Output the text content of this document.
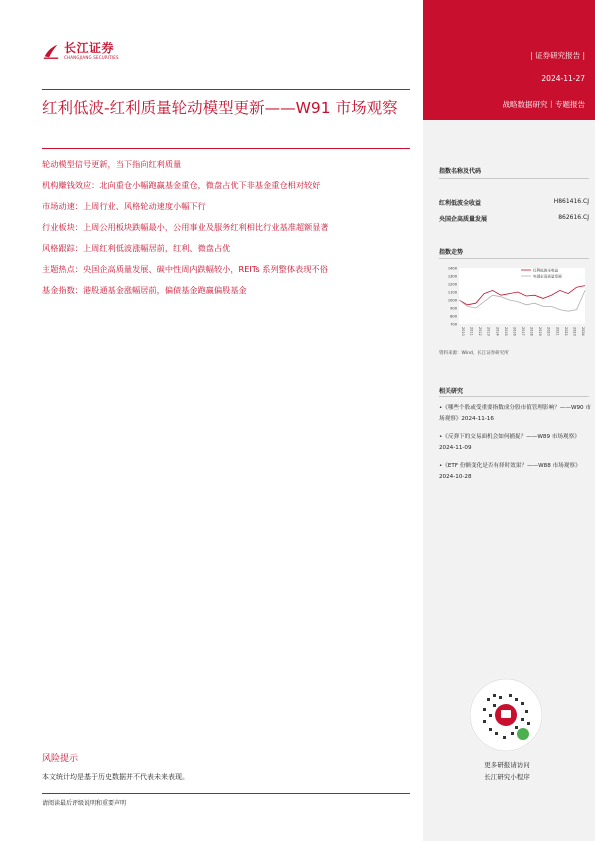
长江证券
CHANGJIANG SECURITIES
红利低波-红利质量轮动模型更新——W91 市场观察

轮动模型信号更新，当下指向红利质量

机构赚钱效应：北向重仓小幅跑赢基金重仓，微盘占优下非基金重仓相对较好

市场动速：上周行业、风格轮动速度小幅下行

行业板块：上周公用板块跌幅最小，公用事业及服务红利相比行业基准超额显著

风格跟踪：上周红利低波涨幅居前，红利、微盘占优

主题热点：央国企高质量发展、碳中性周内跌幅较小，REITs 系列整体表现不俗

基金指数：港股通基金涨幅居前，偏债基金跑赢偏股基金

风险提示
本文统计均是基于历史数据并不代表未来表现。
请阅读最后评级说明和重要声明
| 证券研究报告 |
2024-11-27
战略数据研究丨专题报告
指数名称及代码
红利低波全收益	H861416.CJ
央国企高质量发展	862616.CJ
指数走势
700
800
900
1000
1100
1200
1300
1400
2010 2011 2012 2013 2014 2015 2016 2017 2018 2019 2020 2021 2022 2023 2024
红利低波全收益
央国企高质量发展
资料来源：Wind，长江证券研究所
相关研究
•《哪些个股或受重要指数成分股市值管理影响？——W90 市场观察》2024-11-16
•《反弹下的交易面机会如何捕捉？——W89 市场观察》2024-11-09
•《ETF 份额变化是否有择时效果？——W88 市场观察》2024-10-28
更多研报请访问
长江研究小程序
